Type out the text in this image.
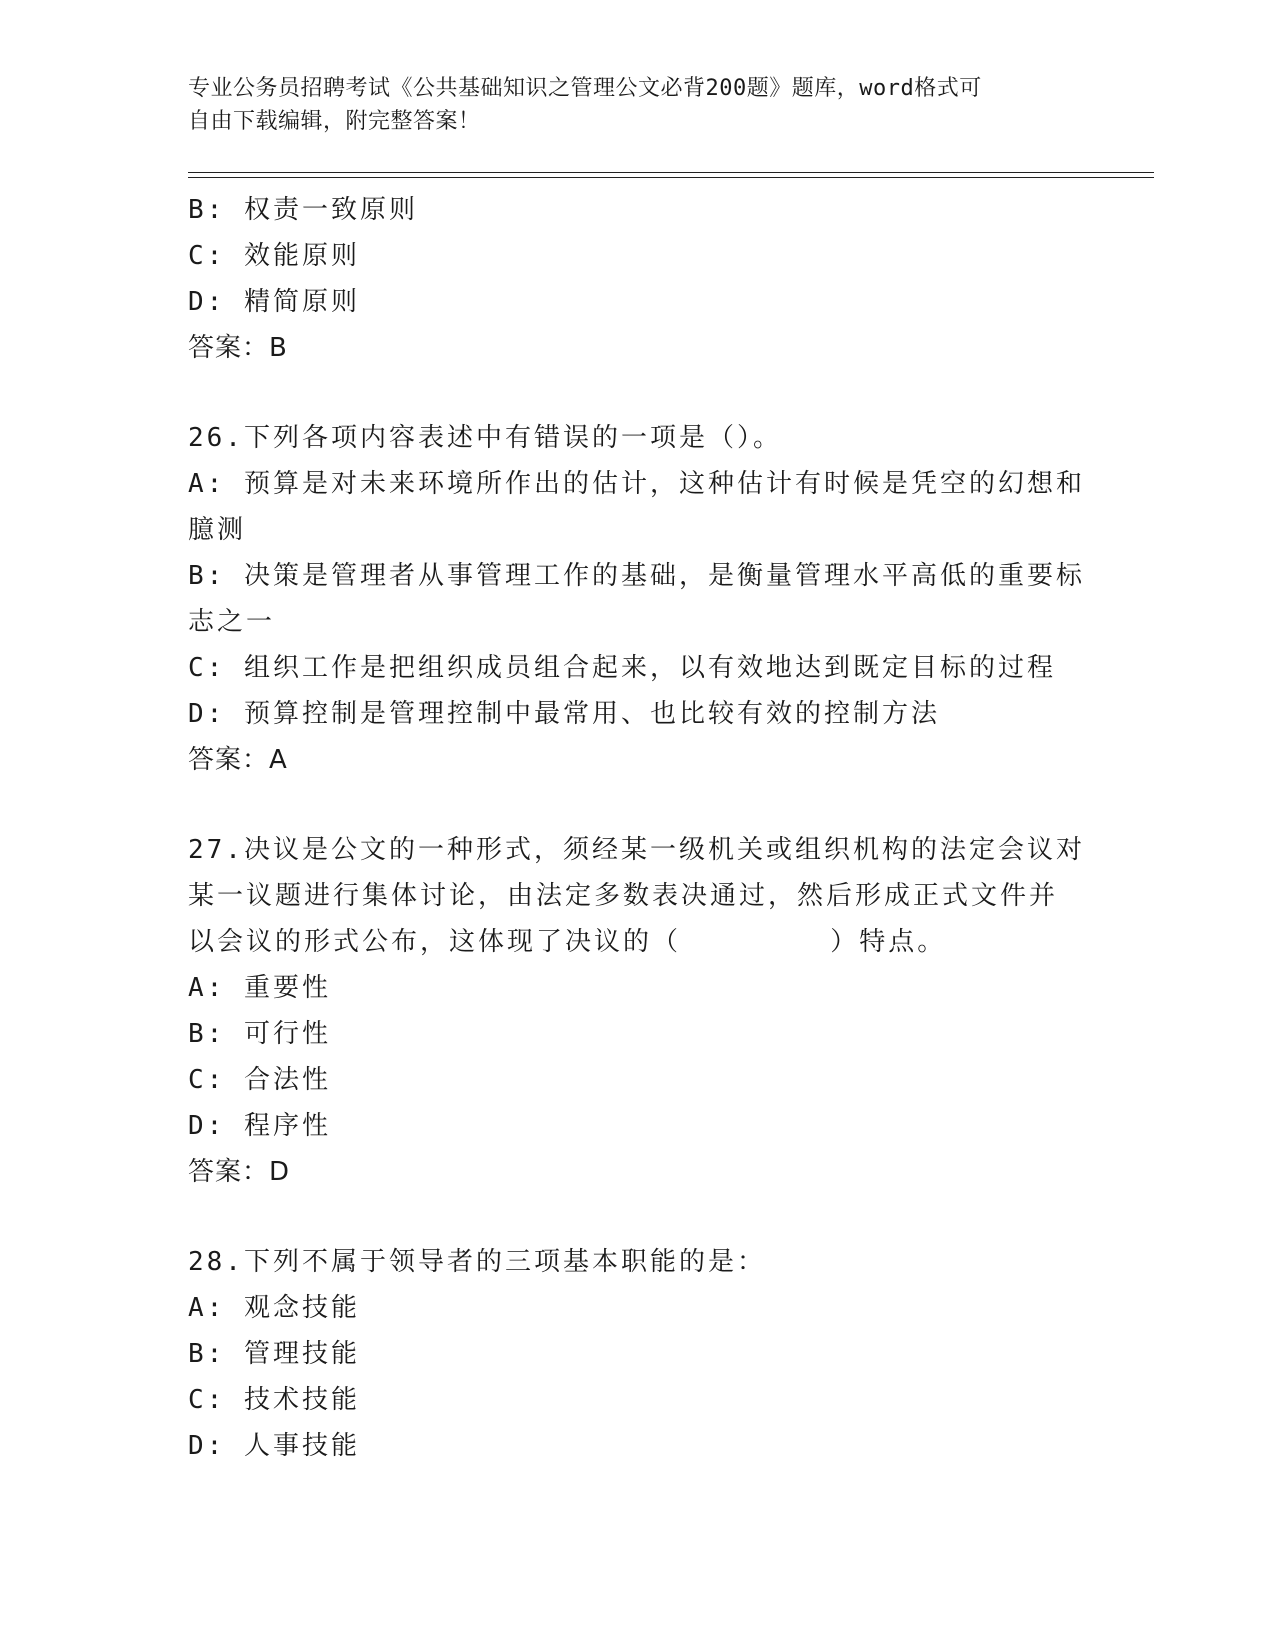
专业公务员招聘考试《公共基础知识之管理公文必背200题》题库，word格式可
自由下载编辑，附完整答案！
B: 权责一致原则
C: 效能原则
D: 精简原则
答案：B
26.下列各项内容表述中有错误的一项是（）。
A: 预算是对未来环境所作出的估计，这种估计有时候是凭空的幻想和
臆测
B: 决策是管理者从事管理工作的基础，是衡量管理水平高低的重要标
志之一
C: 组织工作是把组织成员组合起来，以有效地达到既定目标的过程
D: 预算控制是管理控制中最常用、也比较有效的控制方法
答案：A
27.决议是公文的一种形式，须经某一级机关或组织机构的法定会议对
某一议题进行集体讨论，由法定多数表决通过，然后形成正式文件并
以会议的形式公布，这体现了决议的（        ）特点。
A: 重要性
B: 可行性
C: 合法性
D: 程序性
答案：D
28.下列不属于领导者的三项基本职能的是：
A: 观念技能
B: 管理技能
C: 技术技能
D: 人事技能
